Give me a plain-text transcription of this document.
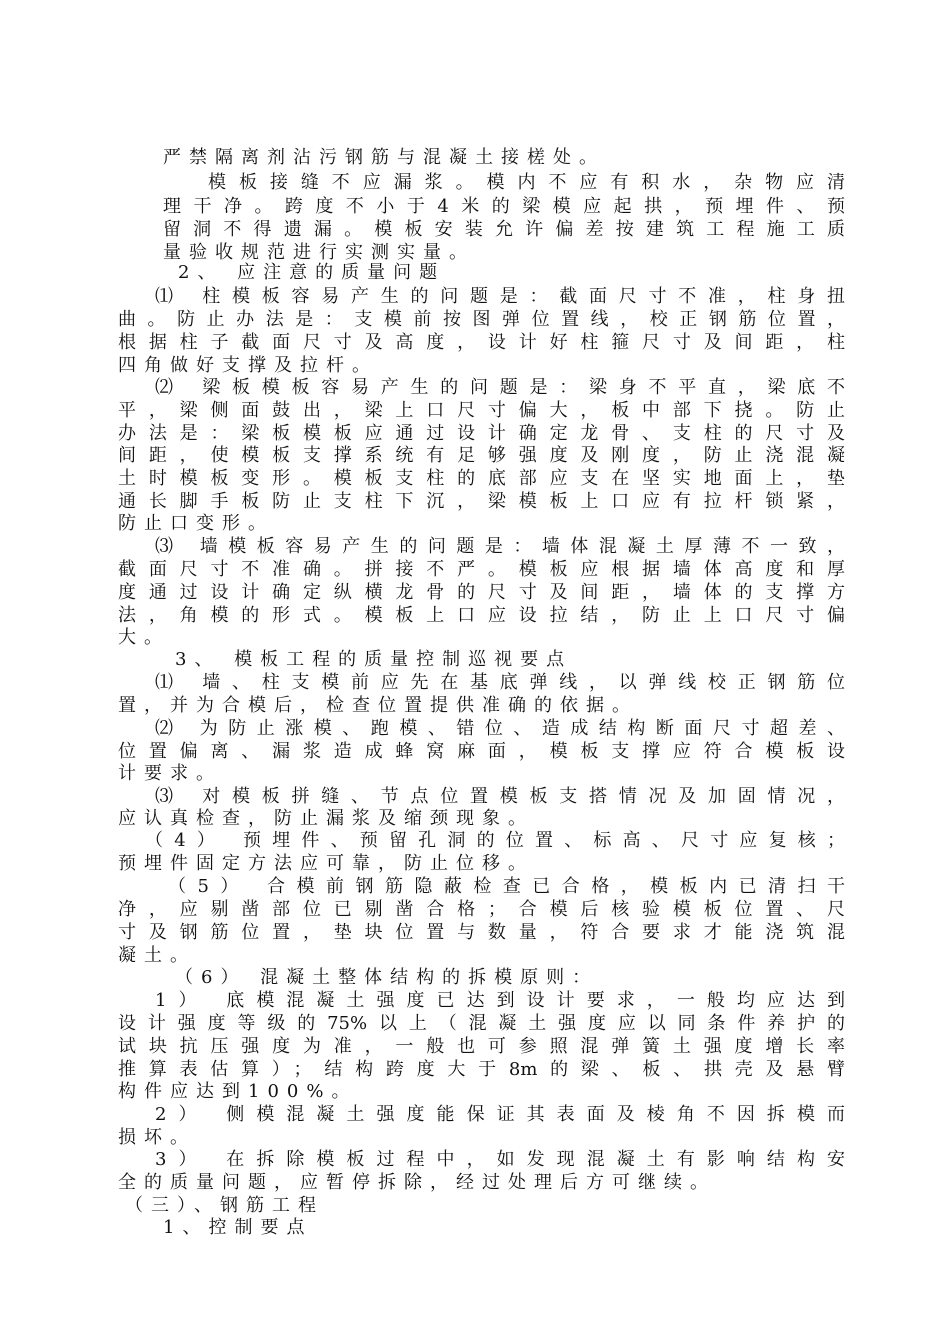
严禁隔离剂沾污钢筋与混凝土接槎处。
模板接缝不应漏浆。模内不应有积水，杂物应清
理干净。跨度不小于4米的梁模应起拱，预埋件、预
留洞不得遗漏。模板安装允许偏差按建筑工程施工质
量验收规范进行实测实量。
2、 应注意的质量问题
⑴ 柱模板容易产生的问题是：截面尺寸不准，柱身扭
曲。防止办法是：支模前按图弹位置线，校正钢筋位置，
根据柱子截面尺寸及高度，设计好柱箍尺寸及间距，柱
四角做好支撑及拉杆。
⑵ 梁板模板容易产生的问题是：梁身不平直，梁底不
平，梁侧面鼓出，梁上口尺寸偏大，板中部下挠。防止
办法是：梁板模板应通过设计确定龙骨、支柱的尺寸及
间距，使模板支撑系统有足够强度及刚度，防止浇混凝
土时模板变形。模板支柱的底部应支在坚实地面上，垫
通长脚手板防止支柱下沉，梁模板上口应有拉杆锁紧，
防止口变形。
⑶ 墙模板容易产生的问题是：墙体混凝土厚薄不一致，
截面尺寸不准确。拼接不严。模板应根据墙体高度和厚
度通过设计确定纵横龙骨的尺寸及间距，墙体的支撑方
法，角模的形式。模板上口应设拉结，防止上口尺寸偏
大。
3、 模板工程的质量控制巡视要点
⑴ 墙、柱支模前应先在基底弹线，以弹线校正钢筋位
置，并为合模后，检查位置提供准确的依据。
⑵ 为防止涨模、跑模、错位、造成结构断面尺寸超差、
位置偏离、漏浆造成蜂窝麻面，模板支撑应符合模板设
计要求。
⑶ 对模板拼缝、节点位置模板支搭情况及加固情况，
应认真检查，防止漏浆及缩颈现象。
（4） 预埋件、预留孔洞的位置、标高、尺寸应复核；
预埋件固定方法应可靠，防止位移。
（5） 合模前钢筋隐蔽检查已合格，模板内已清扫干
净，应剔凿部位已剔凿合格；合模后核验模板位置、尺
寸及钢筋位置，垫块位置与数量，符合要求才能浇筑混
凝土。
（6） 混凝土整体结构的拆模原则：
1） 底模混凝土强度已达到设计要求，一般均应达到
设计强度等级的75%以上（混凝土强度应以同条件养护的
试块抗压强度为准，一般也可参照混弹簧土强度增长率
推算表估算）；结构跨度大于8m的梁、板、拱壳及悬臂
构件应达到100%。
2） 侧模混凝土强度能保证其表面及棱角不因拆模而
损坏。
3） 在拆除模板过程中，如发现混凝土有影响结构安
全的质量问题，应暂停拆除，经过处理后方可继续。
（三）、钢筋工程
1、控制要点
